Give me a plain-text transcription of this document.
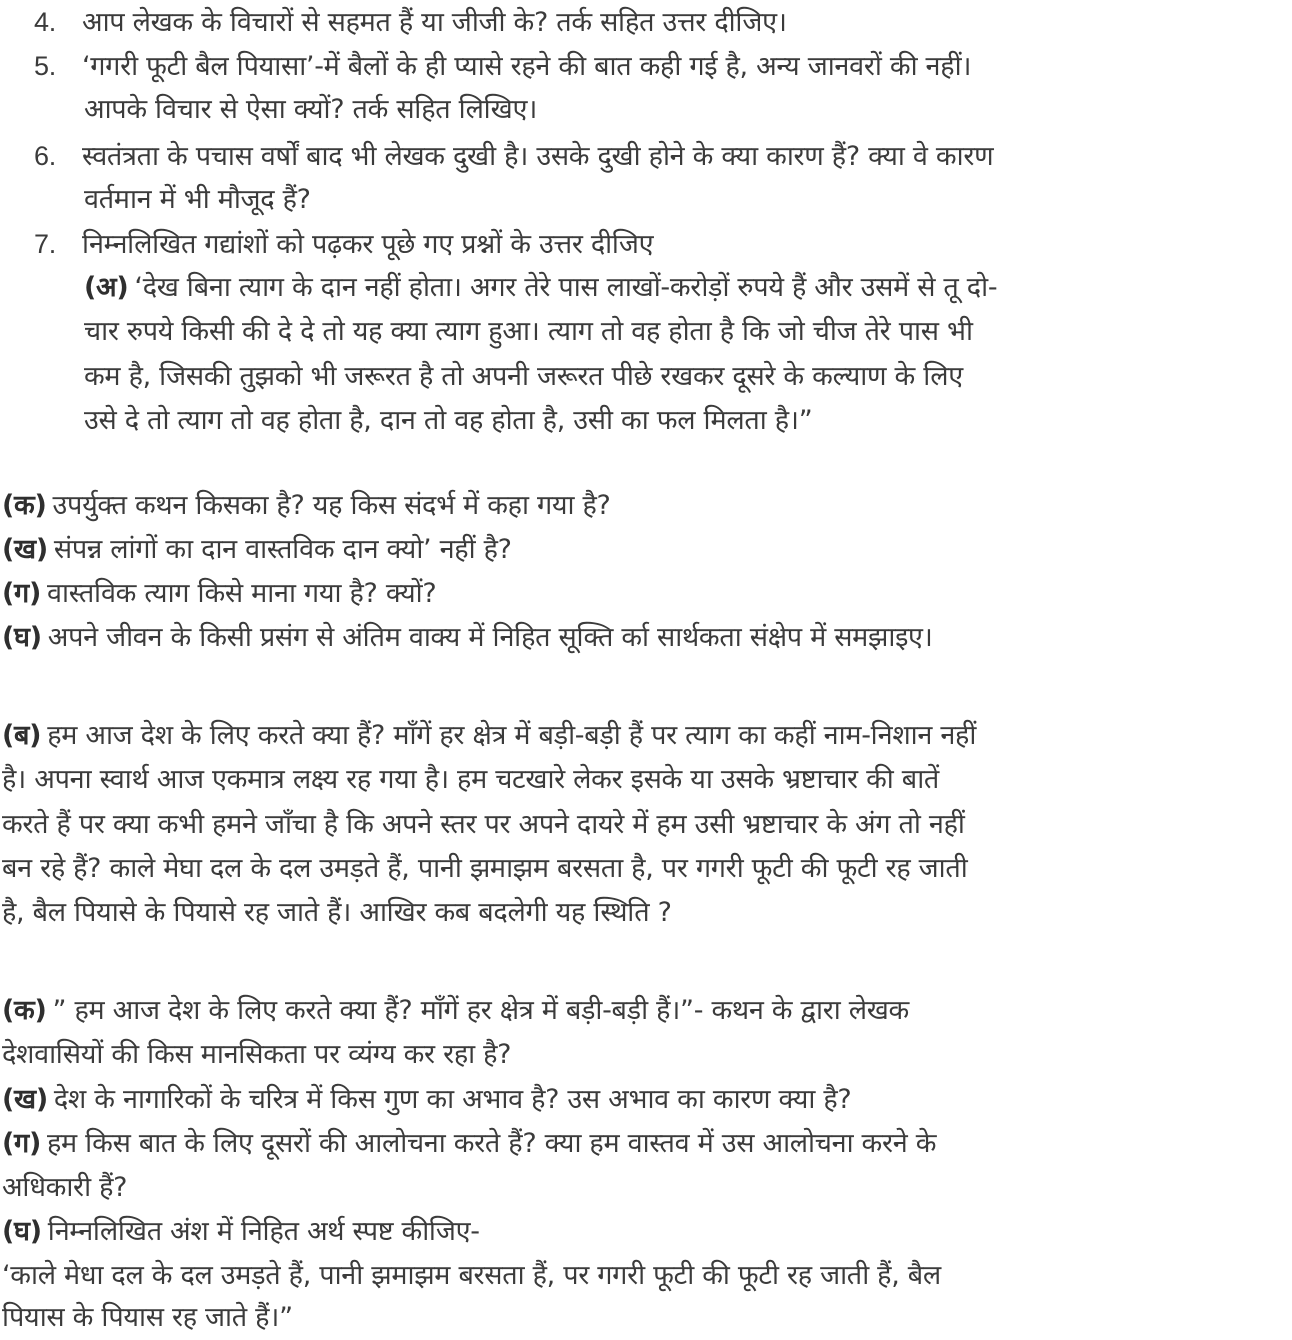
4. आप लेखक के विचारों से सहमत हैं या जीजी के? तर्क सहित उत्तर दीजिए।
5. ‘गगरी फूटी बैल पियासा’-में बैलों के ही प्यासे रहने की बात कही गई है, अन्य जानवरों की नहीं।
आपके विचार से ऐसा क्यों? तर्क सहित लिखिए।
6. स्वतंत्रता के पचास वर्षों बाद भी लेखक दुखी है। उसके दुखी होने के क्या कारण हैं? क्या वे कारण
वर्तमान में भी मौजूद हैं?
7. निम्नलिखित गद्यांशों को पढ़कर पूछे गए प्रश्नों के उत्तर दीजिए
(अ) ‘देख बिना त्याग के दान नहीं होता। अगर तेरे पास लाखों-करोड़ों रुपये हैं और उसमें से तू दो-
चार रुपये किसी की दे दे तो यह क्या त्याग हुआ। त्याग तो वह होता है कि जो चीज तेरे पास भी
कम है, जिसकी तुझको भी जरूरत है तो अपनी जरूरत पीछे रखकर दूसरे के कल्याण के लिए
उसे दे तो त्याग तो वह होता है, दान तो वह होता है, उसी का फल मिलता है।”
(क) उपर्युक्त कथन किसका है? यह किस संदर्भ में कहा गया है?
(ख) संपन्न लांगों का दान वास्तविक दान क्यो’ नहीं है?
(ग) वास्तविक त्याग किसे माना गया है? क्यों?
(घ) अपने जीवन के किसी प्रसंग से अंतिम वाक्य में निहित सूक्ति र्का सार्थकता संक्षेप में समझाइए।
(ब) हम आज देश के लिए करते क्या हैं? माँगें हर क्षेत्र में बड़ी-बड़ी हैं पर त्याग का कहीं नाम-निशान नहीं
है। अपना स्वार्थ आज एकमात्र लक्ष्य रह गया है। हम चटखारे लेकर इसके या उसके भ्रष्टाचार की बातें
करते हैं पर क्या कभी हमने जाँचा है कि अपने स्तर पर अपने दायरे में हम उसी भ्रष्टाचार के अंग तो नहीं
बन रहे हैं? काले मेघा दल के दल उमड़ते हैं, पानी झमाझम बरसता है, पर गगरी फूटी की फूटी रह जाती
है, बैल पियासे के पियासे रह जाते हैं। आखिर कब बदलेगी यह स्थिति ?
(क) ” हम आज देश के लिए करते क्या हैं? माँगें हर क्षेत्र में बड़ी-बड़ी हैं।”- कथन के द्वारा लेखक
देशवासियों की किस मानसिकता पर व्यंग्य कर रहा है?
(ख) देश के नागारिकों के चरित्र में किस गुण का अभाव है? उस अभाव का कारण क्या है?
(ग) हम किस बात के लिए दूसरों की आलोचना करते हैं? क्या हम वास्तव में उस आलोचना करने के
अधिकारी हैं?
(घ) निम्नलिखित अंश में निहित अर्थ स्पष्ट कीजिए-
‘काले मेधा दल के दल उमड़ते हैं, पानी झमाझम बरसता हैं, पर गगरी फूटी की फूटी रह जाती हैं, बैल
पियास के पियास रह जाते हैं।”
